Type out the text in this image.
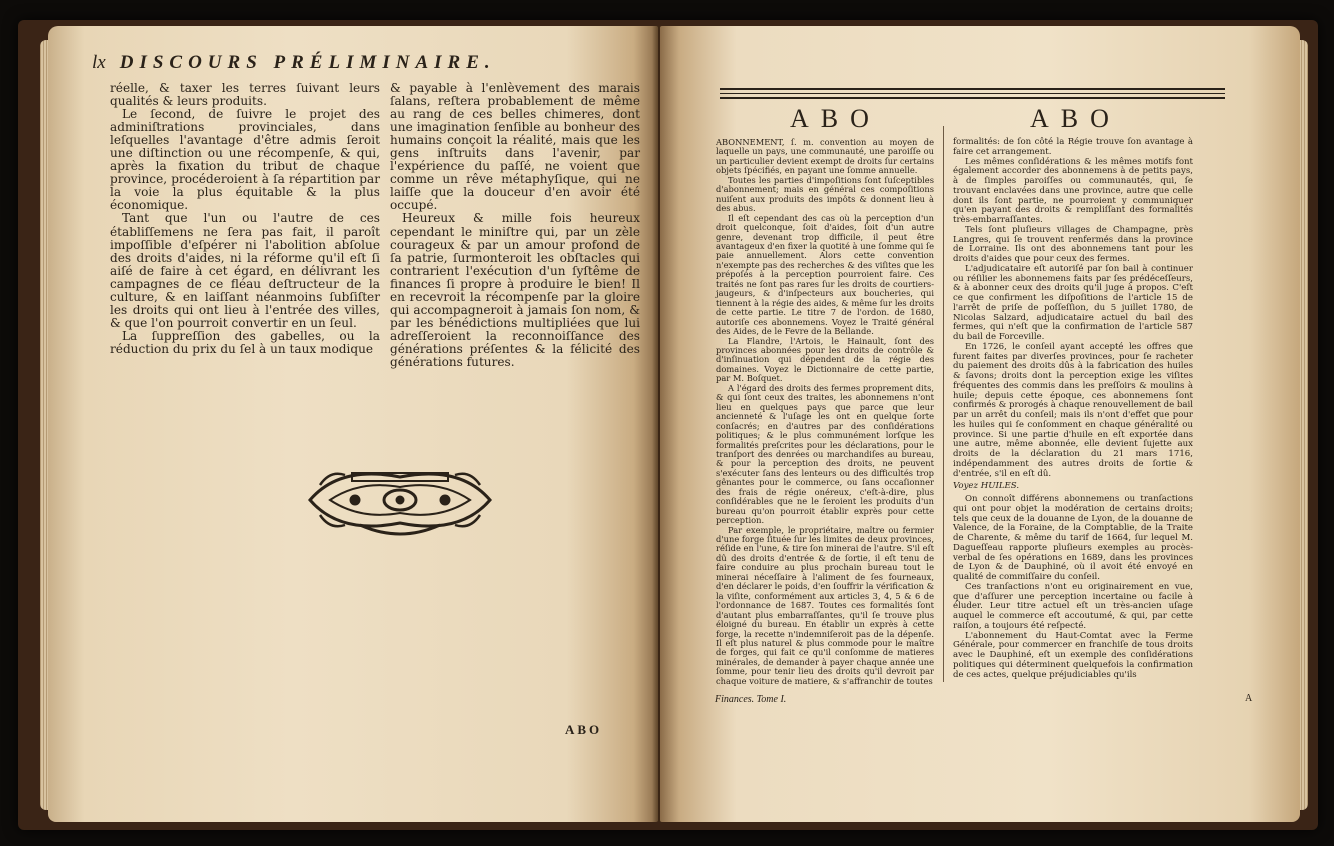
lx DISCOURS PRÉLIMINAIRE.

réelle, & taxer les terres ſuivant leurs qualités & leurs produits.

Le ſecond, de ſuivre le projet des adminiſtrations provinciales, dans leſquelles l'avantage d'être admis ſeroit une diſtinction ou une récompenſe, & qui, après la fixation du tribut de chaque province, procéderoient à ſa répartition par la voie la plus équitable & la plus économique.

Tant que l'un ou l'autre de ces établiſſemens ne ſera pas fait, il paroît impoſſible d'eſpérer ni l'abolition abſolue des droits d'aides, ni la réforme qu'il eſt ſi aiſé de faire à cet égard, en délivrant les campagnes de ce fléau deſtructeur de la culture, & en laiſſant néanmoins ſubſiſter les droits qui ont lieu à l'entrée des villes, & que l'on pourroit convertir en un ſeul.

La ſuppreſſion des gabelles, ou la réduction du prix du ſel à un taux modique

& payable à l'enlèvement des marais ſalans, reſtera probablement de même au rang de ces belles chimeres, dont une imagination ſenſible au bonheur des humains conçoit la réalité, mais que les gens inſtruits dans l'avenir, par l'expérience du paſſé, ne voient que comme un rêve métaphyſique, qui ne laiſſe que la douceur d'en avoir été occupé.

Heureux & mille fois heureux cependant le miniſtre qui, par un zèle courageux & par un amour profond de ſa patrie, ſurmonteroit les obſtacles qui contrarient l'exécution d'un ſyſtême de finances ſi propre à produire le bien! Il en recevroit la récompenſe par la gloire qui accompagneroit à jamais ſon nom, & par les bénédictions multipliées que lui adreſſeroient la reconnoiſſance des générations préſentes & la félicité des générations futures.

ABO
ABO	ABO

ABONNEMENT, ſ. m. convention au moyen de laquelle un pays, une communauté, une paroiſſe ou un particulier devient exempt de droits ſur certains objets ſpécifiés, en payant une ſomme annuelle.

Toutes les parties d'impoſitions ſont ſuſceptibles d'abonnement; mais en général ces compoſitions nuiſent aux produits des impôts & donnent lieu à des abus.

Il eſt cependant des cas où la perception d'un droit quelconque, ſoit d'aides, ſoit d'un autre genre, devenant trop difficile, il peut être avantageux d'en fixer la quotité à une ſomme qui ſe paie annuellement. Alors cette convention n'exempte pas des recherches & des viſites que les prépoſés à la perception pourroient faire. Ces traités ne ſont pas rares ſur les droits de courtiers-jaugeurs, & d'inſpecteurs aux boucheries, qui tiennent à la régie des aides, & même ſur les droits de cette partie. Le titre 7 de l'ordon. de 1680, autoriſe ces abonnemens. Voyez le Traité général des Aides, de le Fevre de la Bellande.

La Flandre, l'Artois, le Hainault, ſont des provinces abonnées pour les droits de contrôle & d'inſinuation qui dépendent de la régie des domaines. Voyez le Dictionnaire de cette partie, par M. Boſquet.

A l'égard des droits des fermes proprement dits, & qui ſont ceux des traites, les abonnemens n'ont lieu en quelques pays que parce que leur ancienneté & l'uſage les ont en quelque ſorte conſacrés; en d'autres par des conſidérations politiques; & le plus communément lorſque les formalités preſcrites pour les déclarations, pour le tranſport des denrées ou marchandiſes au bureau, & pour la perception des droits, ne peuvent s'exécuter ſans des lenteurs ou des difficultés trop gênantes pour le commerce, ou ſans occaſionner des frais de régie onéreux, c'eſt-à-dire, plus conſidérables que ne le ſeroient les produits d'un bureau qu'on pourroit établir exprès pour cette perception.

Par exemple, le propriétaire, maître ou fermier d'une forge ſituée ſur les limites de deux provinces, réſide en l'une, & tire ſon minerai de l'autre. S'il eſt dû des droits d'entrée & de ſortie, il eſt tenu de faire conduire au plus prochain bureau tout le minerai néceſſaire à l'aliment de ſes fourneaux, d'en déclarer le poids, d'en ſouffrir la vérification & la viſite, conformément aux articles 3, 4, 5 & 6 de l'ordonnance de 1687. Toutes ces formalités ſont d'autant plus embarraſſantes, qu'il ſe trouve plus éloigné du bureau. En établir un exprès à cette forge, la recette n'indemniſeroit pas de la dépenſe. Il eſt plus naturel & plus commode pour le maître de forges, qui fait ce qu'il conſomme de matieres minérales, de demander à payer chaque année une ſomme, pour tenir lieu des droits qu'il devroit par chaque voiture de matiere, & s'affranchir de toutes

formalités: de ſon côté la Régie trouve ſon avantage à faire cet arrangement.

Les mêmes conſidérations & les mêmes motifs font également accorder des abonnemens à de petits pays, à de ſimples paroiſſes ou communautés, qui, ſe trouvant enclavées dans une province, autre que celle dont ils ſont partie, ne pourroient y communiquer qu'en payant des droits & rempliſſant des formalités très-embarraſſantes.

Tels ſont pluſieurs villages de Champagne, près Langres, qui ſe trouvent renfermés dans la province de Lorraine. Ils ont des abonnemens tant pour les droits d'aides que pour ceux des fermes.

L'adjudicataire eſt autoriſé par ſon bail à continuer ou réſilier les abonnemens faits par ſes prédéceſſeurs, & à abonner ceux des droits qu'il juge à propos. C'eſt ce que confirment les diſpoſitions de l'article 15 de l'arrêt de priſe de poſſeſſion, du 5 juillet 1780, de Nicolas Salzard, adjudicataire actuel du bail des fermes, qui n'eſt que la confirmation de l'article 587 du bail de Forceville.

En 1726, le conſeil ayant accepté les offres que furent faites par diverſes provinces, pour ſe racheter du paiement des droits dûs à la fabrication des huiles & ſavons; droits dont la perception exige les viſites fréquentes des commis dans les preſſoirs & moulins à huile; depuis cette époque, ces abonnemens ſont confirmés & prorogés à chaque renouvellement de bail par un arrêt du conſeil; mais ils n'ont d'effet que pour les huiles qui ſe conſomment en chaque généralité ou province. Si une partie d'huile en eſt exportée dans une autre, même abonnée, elle devient ſujette aux droits de la déclaration du 21 mars 1716, indépendamment des autres droits de ſortie & d'entrée, s'il en eſt dû.

Voyez HUILES.

On connoît différens abonnemens ou tranſactions qui ont pour objet la modération de certains droits; tels que ceux de la douanne de Lyon, de la douanne de Valence, de la Foraine, de la Comptablie, de la Traite de Charente, & même du tarif de 1664, ſur lequel M. Dagueſſeau rapporte pluſieurs exemples au procès-verbal de ſes opérations en 1689, dans les provinces de Lyon & de Dauphiné, où il avoit été envoyé en qualité de commiſſaire du conſeil.

Ces tranſactions n'ont eu originairement en vue, que d'aſſurer une perception incertaine ou facile à éluder. Leur titre actuel eſt un très-ancien uſage auquel le commerce eſt accoutumé, & qui, par cette raiſon, a toujours été reſpecté.

L'abonnement du Haut-Comtat avec la Ferme Générale, pour commercer en franchiſe de tous droits avec le Dauphiné, eſt un exemple des conſidérations politiques qui déterminent quelquefois la confirmation de ces actes, quelque préjudiciables qu'ils

Finances. Tome I.	A
